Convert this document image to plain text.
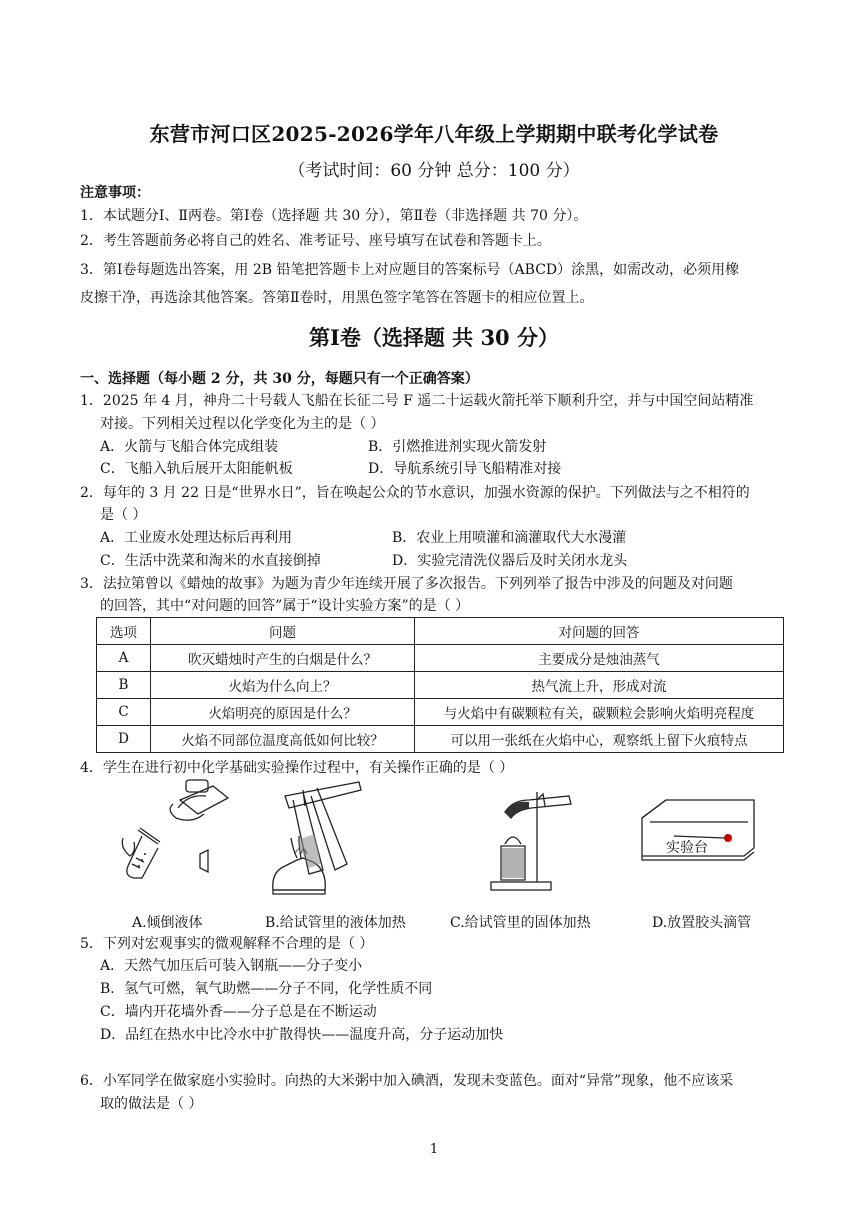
东营市河口区2025-2026学年八年级上学期期中联考化学试卷
（考试时间：60 分钟 总分：100 分）
注意事项：
1．本试题分Ⅰ、Ⅱ两卷。第Ⅰ卷（选择题 共 30 分），第Ⅱ卷（非选择题 共 70 分）。
2．考生答题前务必将自己的姓名、准考证号、座号填写在试卷和答题卡上。
3．第Ⅰ卷每题选出答案，用 2B 铅笔把答题卡上对应题目的答案标号（ABCD）涂黑，如需改动，必须用橡
皮擦干净，再选涂其他答案。答第Ⅱ卷时，用黑色签字笔答在答题卡的相应位置上。
第Ⅰ卷（选择题 共 30 分）
一、选择题（每小题 2 分，共 30 分，每题只有一个正确答案）
1．2025 年 4 月，神舟二十号载人飞船在长征二号 F 遥二十运载火箭托举下顺利升空，并与中国空间站精准
对接。下列相关过程以化学变化为主的是（ ）
A．火箭与飞船合体完成组装	B．引燃推进剂实现火箭发射
C．飞船入轨后展开太阳能帆板	D．导航系统引导飞船精准对接
2．每年的 3 月 22 日是“世界水日”，旨在唤起公众的节水意识，加强水资源的保护。下列做法与之不相符的
是（ ）
A．工业废水处理达标后再利用	B．农业上用喷灌和滴灌取代大水漫灌
C．生活中洗菜和淘米的水直接倒掉	D．实验完清洗仪器后及时关闭水龙头
3．法拉第曾以《蜡烛的故事》为题为青少年连续开展了多次报告。下列列举了报告中涉及的问题及对问题
的回答，其中“对问题的回答”属于“设计实验方案”的是（ ）
选项	问题	对问题的回答
A	吹灭蜡烛时产生的白烟是什么？	主要成分是烛油蒸气
B	火焰为什么向上？	热气流上升，形成对流
C	火焰明亮的原因是什么？	与火焰中有碳颗粒有关，碳颗粒会影响火焰明亮程度
D	火焰不同部位温度高低如何比较？	可以用一张纸在火焰中心，观察纸上留下火痕特点
4．学生在进行初中化学基础实验操作过程中，有关操作正确的是（ ）
实验台
A.倾倒液体	B.给试管里的液体加热	C.给试管里的固体加热	D.放置胶头滴管
5．下列对宏观事实的微观解释不合理的是（ ）
A．天然气加压后可装入钢瓶——分子变小
B．氢气可燃，氧气助燃——分子不同，化学性质不同
C．墙内开花墙外香——分子总是在不断运动
D．品红在热水中比冷水中扩散得快——温度升高，分子运动加快
6．小军同学在做家庭小实验时。向热的大米粥中加入碘酒，发现未变蓝色。面对“异常”现象，他不应该采
取的做法是（ ）
1
